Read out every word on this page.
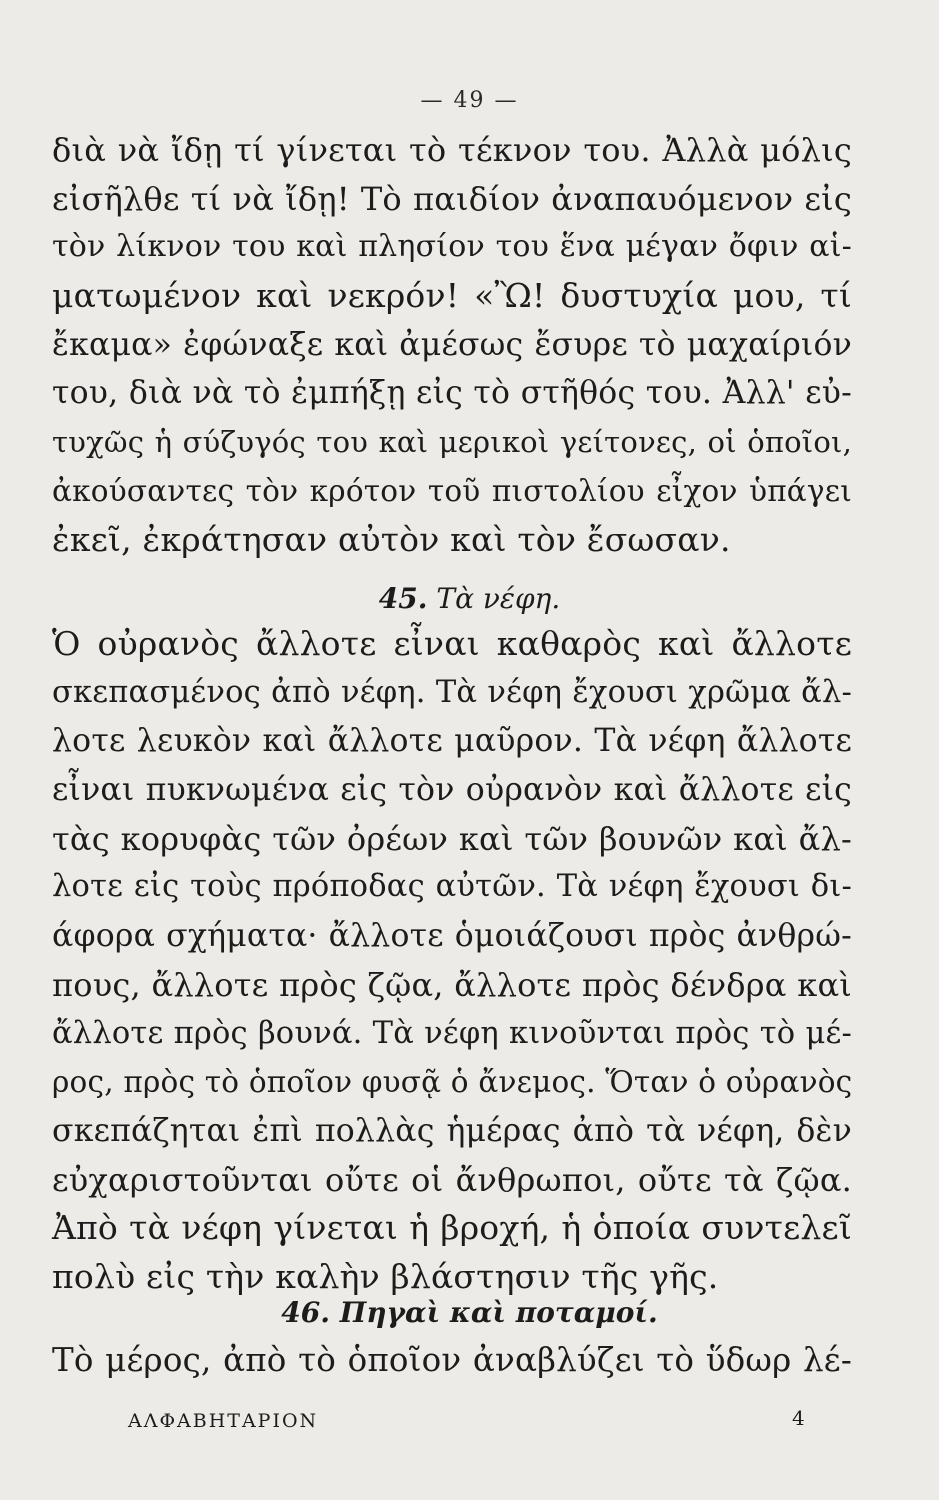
— 49 —
διὰ νὰ ἴδῃ τί γίνεται τὸ τέκνον του. Ἀλλὰ μόλις
εἰσῆλθε τί νὰ ἴδῃ! Τὸ παιδίον ἀναπαυόμενον εἰς
τὸν λίκνον του καὶ πλησίον του ἕνα μέγαν ὄφιν αἱ-
ματωμένον καὶ νεκρόν! «Ὢ! δυστυχία μου, τί
ἔκαμα» ἐφώναξε καὶ ἀμέσως ἔσυρε τὸ μαχαίριόν
του, διὰ νὰ τὸ ἐμπήξῃ εἰς τὸ στῆθός του. Ἀλλ' εὐ-
τυχῶς ἡ σύζυγός του καὶ μερικοὶ γείτονες, οἱ ὁποῖοι,
ἀκούσαντες τὸν κρότον τοῦ πιστολίου εἶχον ὑπάγει
ἐκεῖ, ἐκράτησαν αὐτὸν καὶ τὸν ἔσωσαν.
45. Τὰ νέφη.
Ὁ οὐρανὸς ἄλλοτε εἶναι καθαρὸς καὶ ἄλλοτε
σκεπασμένος ἀπὸ νέφη. Τὰ νέφη ἔχουσι χρῶμα ἄλ-
λοτε λευκὸν καὶ ἄλλοτε μαῦρον. Τὰ νέφη ἄλλοτε
εἶναι πυκνωμένα εἰς τὸν οὐρανὸν καὶ ἄλλοτε εἰς
τὰς κορυφὰς τῶν ὀρέων καὶ τῶν βουνῶν καὶ ἄλ-
λοτε εἰς τοὺς πρόποδας αὐτῶν. Τὰ νέφη ἔχουσι δι-
άφορα σχήματα· ἄλλοτε ὁμοιάζουσι πρὸς ἀνθρώ-
πους, ἄλλοτε πρὸς ζῷα, ἄλλοτε πρὸς δένδρα καὶ
ἄλλοτε πρὸς βουνά. Τὰ νέφη κινοῦνται πρὸς τὸ μέ-
ρος, πρὸς τὸ ὁποῖον φυσᾷ ὁ ἄνεμος. Ὅταν ὁ οὐρανὸς
σκεπάζηται ἐπὶ πολλὰς ἡμέρας ἀπὸ τὰ νέφη, δὲν
εὐχαριστοῦνται οὔτε οἱ ἄνθρωποι, οὔτε τὰ ζῷα.
Ἀπὸ τὰ νέφη γίνεται ἡ βροχή, ἡ ὁποία συντελεῖ
πολὺ εἰς τὴν καλὴν βλάστησιν τῆς γῆς.
46. Πηγαὶ καὶ ποταμοί.
Τὸ μέρος, ἀπὸ τὸ ὁποῖον ἀναβλύζει τὸ ὕδωρ λέ-
ΑΛΦΑΒΗΤΑΡΙΟΝ	4
